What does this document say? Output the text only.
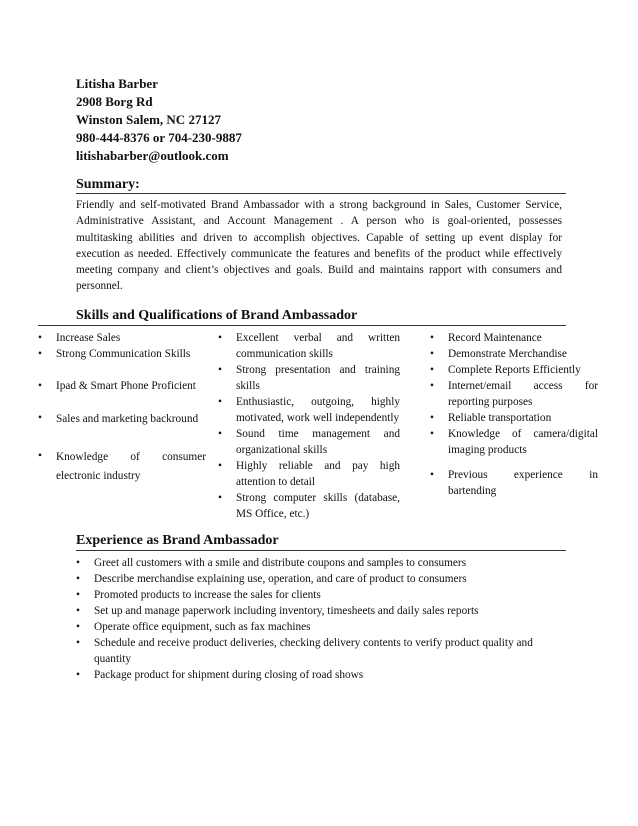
Litisha Barber
2908 Borg Rd
Winston Salem, NC 27127
980-444-8376 or 704-230-9887
litishabarber@outlook.com
Summary:
Friendly and self-motivated Brand Ambassador with a strong background in Sales, Customer Service, Administrative Assistant, and Account Management . A person who is goal-oriented, possesses multitasking abilities and driven to accomplish objectives. Capable of setting up event display for execution as needed. Effectively communicate the features and benefits of the product while effectively meeting company and client’s objectives and goals. Build and maintains rapport with consumers and personnel.
Skills and Qualifications of Brand Ambassador
•	Increase Sales
•	Strong Communication Skills
•	Ipad & Smart Phone Proficient
•	Sales and marketing backround
•	Knowledge of consumer electronic industry
•	Excellent verbal and written communication skills
•	Strong presentation and training skills
•	Enthusiastic, outgoing, highly motivated, work well independently
•	Sound time management and organizational skills
•	Highly reliable and pay high attention to detail
•	Strong computer skills (database, MS Office, etc.)
•	Record Maintenance
•	Demonstrate Merchandise
•	Complete Reports Efficiently
•	Internet/email access for reporting purposes
•	Reliable transportation
•	Knowledge of camera/digital imaging products
•	Previous experience in bartending
Experience as Brand Ambassador
•	Greet all customers with a smile and distribute coupons and samples to consumers
•	Describe merchandise explaining use, operation, and care of product to consumers
•	Promoted products to increase the sales for clients
•	Set up and manage paperwork including inventory, timesheets and daily sales reports
•	Operate office equipment, such as fax machines
•	Schedule and receive product deliveries, checking delivery contents to verify product quality and quantity
•	Package product for shipment during closing of road shows
